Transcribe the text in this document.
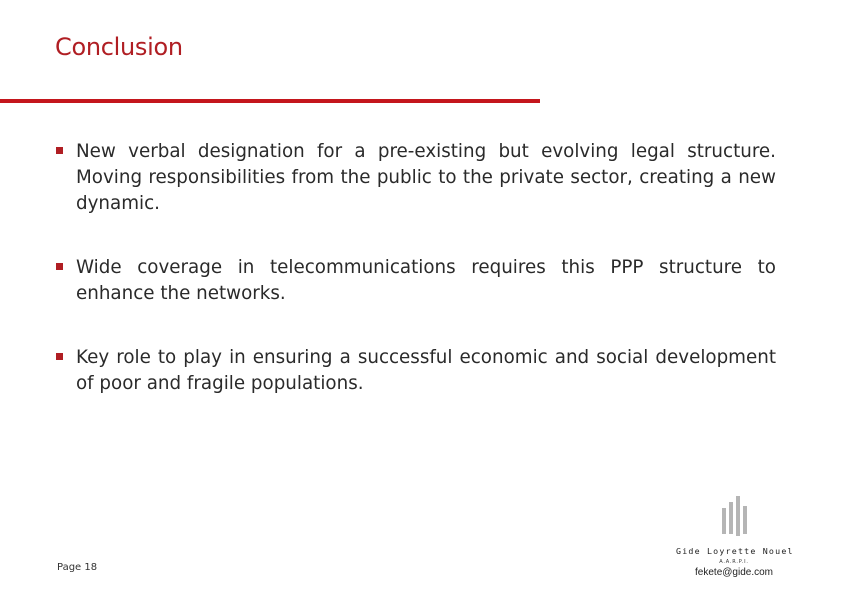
Conclusion
New verbal designation for a pre-existing but evolving legal structure. Moving responsibilities from the public to the private sector, creating a new dynamic.
Wide coverage in telecommunications requires this PPP structure to enhance the networks.
Key role to play in ensuring a successful economic and social development of poor and fragile populations.
Page 18
Gide Loyrette Nouel
A.A.R.P.I.
fekete@gide.com
